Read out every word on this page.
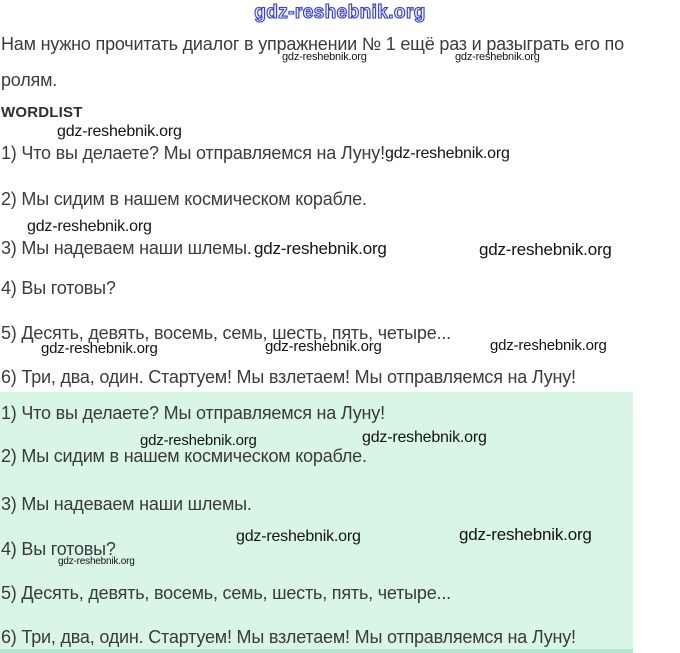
gdz-reshebnik.org
Нам нужно прочитать диалог в упражнении № 1 ещё раз и разыграть его по
gdz-reshebnik.org	gdz-reshebnik.org
ролям.
WORDLIST
gdz-reshebnik.org
1) Что вы делаете? Мы отправляемся на Луну! gdz-reshebnik.org
2) Мы сидим в нашем космическом корабле.
gdz-reshebnik.org
3) Мы надеваем наши шлемы. gdz-reshebnik.org	gdz-reshebnik.org
4) Вы готовы?
5) Десять, девять, восемь, семь, шесть, пять, четыре...
gdz-reshebnik.org	gdz-reshebnik.org	gdz-reshebnik.org
6) Три, два, один. Стартуем! Мы взлетаем! Мы отправляемся на Луну!
1) Что вы делаете? Мы отправляемся на Луну!
gdz-reshebnik.org	gdz-reshebnik.org
2) Мы сидим в нашем космическом корабле.
3) Мы надеваем наши шлемы.
gdz-reshebnik.org	gdz-reshebnik.org
4) Вы готовы?
gdz-reshebnik.org
5) Десять, девять, восемь, семь, шесть, пять, четыре...
6) Три, два, один. Стартуем! Мы взлетаем! Мы отправляемся на Луну!
